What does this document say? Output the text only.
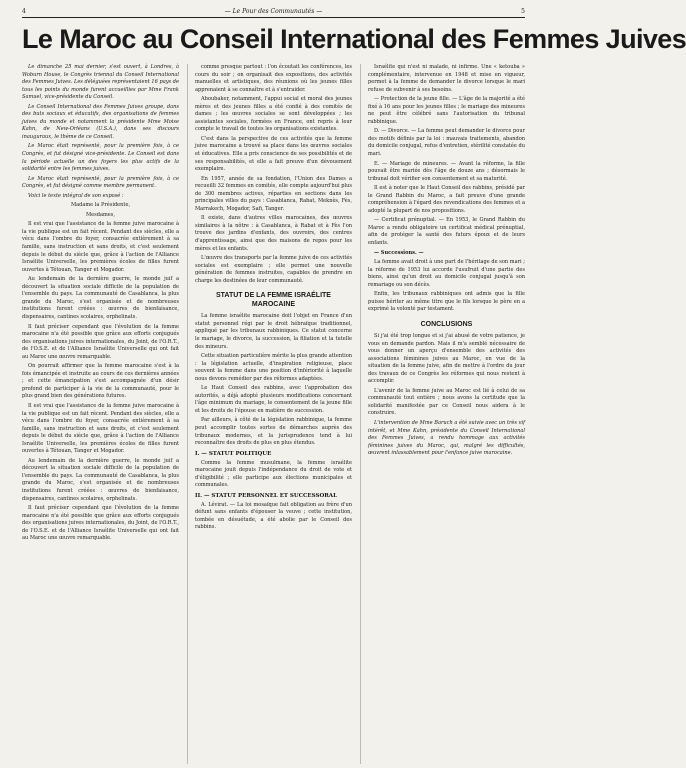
4	— Le Pour des Communautés —	5
Le Maroc au Conseil International des Femmes Juives

Le dimanche 25 mai dernier, s'est ouvert, à Londres, à Woburn House, le Congrès triennal du Conseil International des Femmes Juives. Les déléguées représentaient 16 pays de tous les points du monde furent accueillies par Mme Frank Samuel, vice-présidente du Conseil.

Le Conseil International des Femmes Juives groupe, dans des buts sociaux et éducatifs, des organisations de femmes juives du monde et notamment la présidente Mme Moise Kahn, de New-Orléans (U.S.A.), dans ses discours inauguraux, le thème de ce Conseil.

Le Maroc était représenté, pour la première fois, à ce Congrès, et fut désigné vice-présidente. Le Conseil est dans la période actuelle un des foyers les plus actifs de la solidarité entre les femmes juives.

Le Maroc était représenté, pour la première fois, à ce Congrès, et fut désigné comme membre permanent.

Voici le texte intégral de son exposé :

Madame la Présidente,

Mesdames,

Il est vrai que l'assistance de la femme juive marocaine à la vie publique est un fait récent. Pendant des siècles, elle a vécu dans l'ombre du foyer, consacrée entièrement à sa famille, sans instruction et sans droits, et c'est seulement depuis le début du siècle que, grâce à l'action de l'Alliance Israélite Universelle, les premières écoles de filles furent ouvertes à Tétouan, Tanger et Mogador.

Au lendemain de la dernière guerre, le monde juif a découvert la situation sociale difficile de la population de l'ensemble du pays. La communauté de Casablanca, la plus grande du Maroc, s'est organisée et de nombreuses institutions furent créées : œuvres de bienfaisance, dispensaires, cantines scolaires, orphelinats.

Il faut préciser cependant que l'évolution de la femme marocaine n'a été possible que grâce aux efforts conjugués des organisations juives internationales, du Joint, de l'O.R.T., de l'O.S.E. et de l'Alliance Israélite Universelle qui ont fait au Maroc une œuvre remarquable.

On pourrait affirmer que la femme marocaine s'est à la fois émancipée et instruite au cours de ces dernières années ; et cette émancipation s'est accompagnée d'un désir profond de participer à la vie de la communauté, pour le plus grand bien des générations futures.

Il est vrai que l'assistance de la femme juive marocaine à la vie publique est un fait récent. Pendant des siècles, elle a vécu dans l'ombre du foyer, consacrée entièrement à sa famille, sans instruction et sans droits, et c'est seulement depuis le début du siècle que, grâce à l'action de l'Alliance Israélite Universelle, les premières écoles de filles furent ouvertes à Tétouan, Tanger et Mogador.

Au lendemain de la dernière guerre, le monde juif a découvert la situation sociale difficile de la population de l'ensemble du pays. La communauté de Casablanca, la plus grande du Maroc, s'est organisée et de nombreuses institutions furent créées : œuvres de bienfaisance, dispensaires, cantines scolaires, orphelinats.

Il faut préciser cependant que l'évolution de la femme marocaine n'a été possible que grâce aux efforts conjugués des organisations juives internationales, du Joint, de l'O.R.T., de l'O.S.E. et de l'Alliance Israélite Universelle qui ont fait au Maroc une œuvre remarquable.

comme presque partout : l'on écoutait les conférences, les cours du soir ; on organisait des expositions, des activités manuelles et artistiques, des réunions où les jeunes filles apprenaient à se connaître et à s'entraider.

Aboubaker, notamment, l'appui social et moral des jeunes mères et des jeunes filles a été confié à des comités de dames ; les œuvres sociales se sont développées ; les assistantes sociales, formées en France, ont repris à leur compte le travail de toutes les organisations existantes.

C'est dans la perspective de ces activités que la femme juive marocaine a trouvé sa place dans les œuvres sociales et éducatives. Elle a pris conscience de ses possibilités et de ses responsabilités, et elle a fait preuve d'un dévouement exemplaire.

En 1957, année de sa fondation, l'Union des Dames a recueilli 32 femmes en comités, elle compte aujourd'hui plus de 300 membres actives, réparties en sections dans les principales villes du pays : Casablanca, Rabat, Meknès, Fès, Marrakech, Mogador, Safi, Tanger.

Il existe, dans d'autres villes marocaines, des œuvres similaires à la nôtre : à Casablanca, à Rabat et à Fès l'on trouve des jardins d'enfants, des ouvroirs, des centres d'apprentissage, ainsi que des maisons de repos pour les mères et les enfants.

L'œuvre des transports par la femme juive de ces activités sociales est exemplaire ; elle permet une nouvelle génération de femmes instruites, capables de prendre en charge les destinées de leur communauté.

STATUT DE LA FEMME ISRAÉLITE MAROCAINE

La femme israélite marocaine doit l'objet en France d'un statut personnel régi par le droit hébraïque traditionnel, appliqué par les tribunaux rabbiniques. Ce statut concerne le mariage, le divorce, la succession, la filiation et la tutelle des mineurs.

Cette situation particulière mérite la plus grande attention : la législation actuelle, d'inspiration religieuse, place souvent la femme dans une position d'infériorité à laquelle nous devons remédier par des réformes adaptées.

Le Haut Conseil des rabbins, avec l'approbation des autorités, a déjà adopté plusieurs modifications concernant l'âge minimum du mariage, le consentement de la jeune fille et les droits de l'épouse en matière de succession.

Par ailleurs, à côté de la législation rabbinique, la femme peut accomplir toutes sortes de démarches auprès des tribunaux modernes, et la jurisprudence tend à lui reconnaître des droits de plus en plus étendus.

I. — STATUT POLITIQUE

Comme la femme musulmane, la femme israélite marocaine jouit depuis l'indépendance du droit de vote et d'éligibilité ; elle participe aux élections municipales et communales.

II. — STATUT PERSONNEL ET SUCCESSORAL

A. Lévirat. — La loi mosaïque fait obligation au frère d'un défunt sans enfants d'épouser la veuve ; cette institution, tombée en désuétude, a été abolie par le Conseil des rabbins.

Israélite qui n'est ni malade, ni infirme. Une « ketouba » complémentaire, intervenue en 1948 et mise en vigueur, permet à la femme de demander le divorce lorsque le mari refuse de subvenir à ses besoins.

— Protection de la jeune fille. — L'âge de la majorité a été fixé à 16 ans pour les jeunes filles ; le mariage des mineures ne peut être célébré sans l'autorisation du tribunal rabbinique.

D. — Divorce. — La femme peut demander le divorce pour des motifs définis par la loi : mauvais traitements, abandon du domicile conjugal, refus d'entretien, stérilité constatée du mari.

E. — Mariage de mineures. — Avant la réforme, la fille pouvait être mariée dès l'âge de douze ans ; désormais le tribunal doit vérifier son consentement et sa maturité.

Il est à noter que le Haut Conseil des rabbins, présidé par le Grand Rabbin du Maroc, a fait preuve d'une grande compréhension à l'égard des revendications des femmes et a adopté la plupart de nos propositions.

— Certificat prénuptial. — En 1953, le Grand Rabbin du Maroc a rendu obligatoire un certificat médical prénuptial, afin de protéger la santé des futurs époux et de leurs enfants.

— Successions. —

La femme avait droit à une part de l'héritage de son mari ; la réforme de 1953 lui accorde l'usufruit d'une partie des biens, ainsi qu'un droit au domicile conjugal jusqu'à son remariage ou son décès.

Enfin, les tribunaux rabbiniques ont admis que la fille puisse hériter au même titre que le fils lorsque le père en a exprimé la volonté par testament.

CONCLUSIONS

Si j'ai été trop longue et si j'ai abusé de votre patience, je vous en demande pardon. Mais il m'a semblé nécessaire de vous donner un aperçu d'ensemble des activités des associations féminines juives au Maroc, en vue de la situation de la femme juive, afin de mettre à l'ordre du jour des travaux de ce Congrès les réformes qui nous restent à accomplir.

L'avenir de la femme juive au Maroc est lié à celui de sa communauté tout entière ; nous avons la certitude que la solidarité manifestée par ce Conseil nous aidera à le construire.

L'intervention de Mme Baruch a été suivie avec un très vif intérêt, et Mme Kahn, présidente du Conseil International des Femmes Juives, a rendu hommage aux activités féminines juives du Maroc, qui, malgré les difficultés, œuvrent inlassablement pour l'enfance juive marocaine.
